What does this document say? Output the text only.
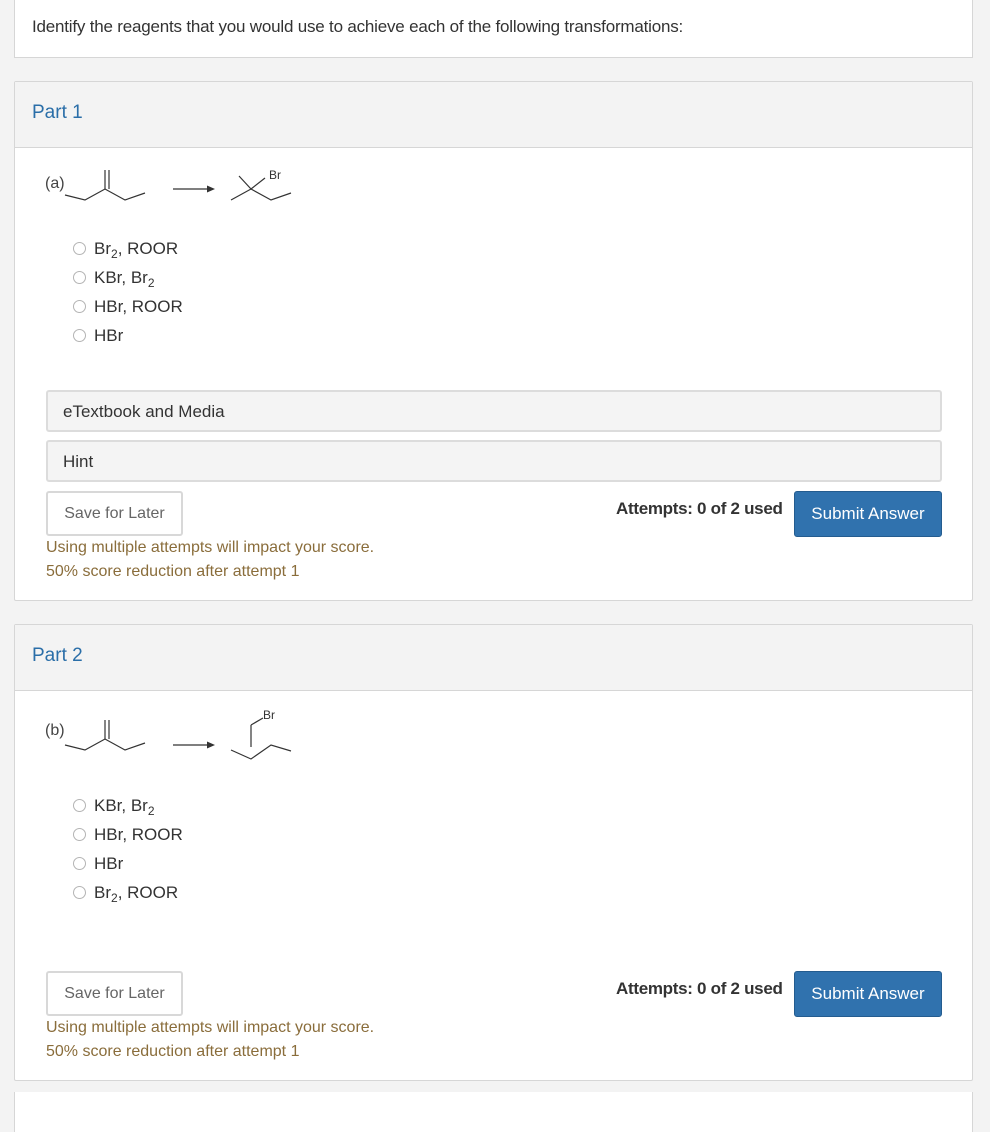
Identify the reagents that you would use to achieve each of the following transformations:
Part 1
(a)	Br
$Br_2$, ROOR
KBr, $Br_2$
HBr, ROOR
HBr
eTextbook and Media
Hint
Save for Later	Attempts: 0 of 2 used	Submit Answer
Using multiple attempts will impact your score.
50% score reduction after attempt 1
Part 2
(b)
Br
KBr, $Br_2$
HBr, ROOR
HBr
$Br_2$, ROOR
Save for Later	Attempts: 0 of 2 used	Submit Answer
Using multiple attempts will impact your score.
50% score reduction after attempt 1
